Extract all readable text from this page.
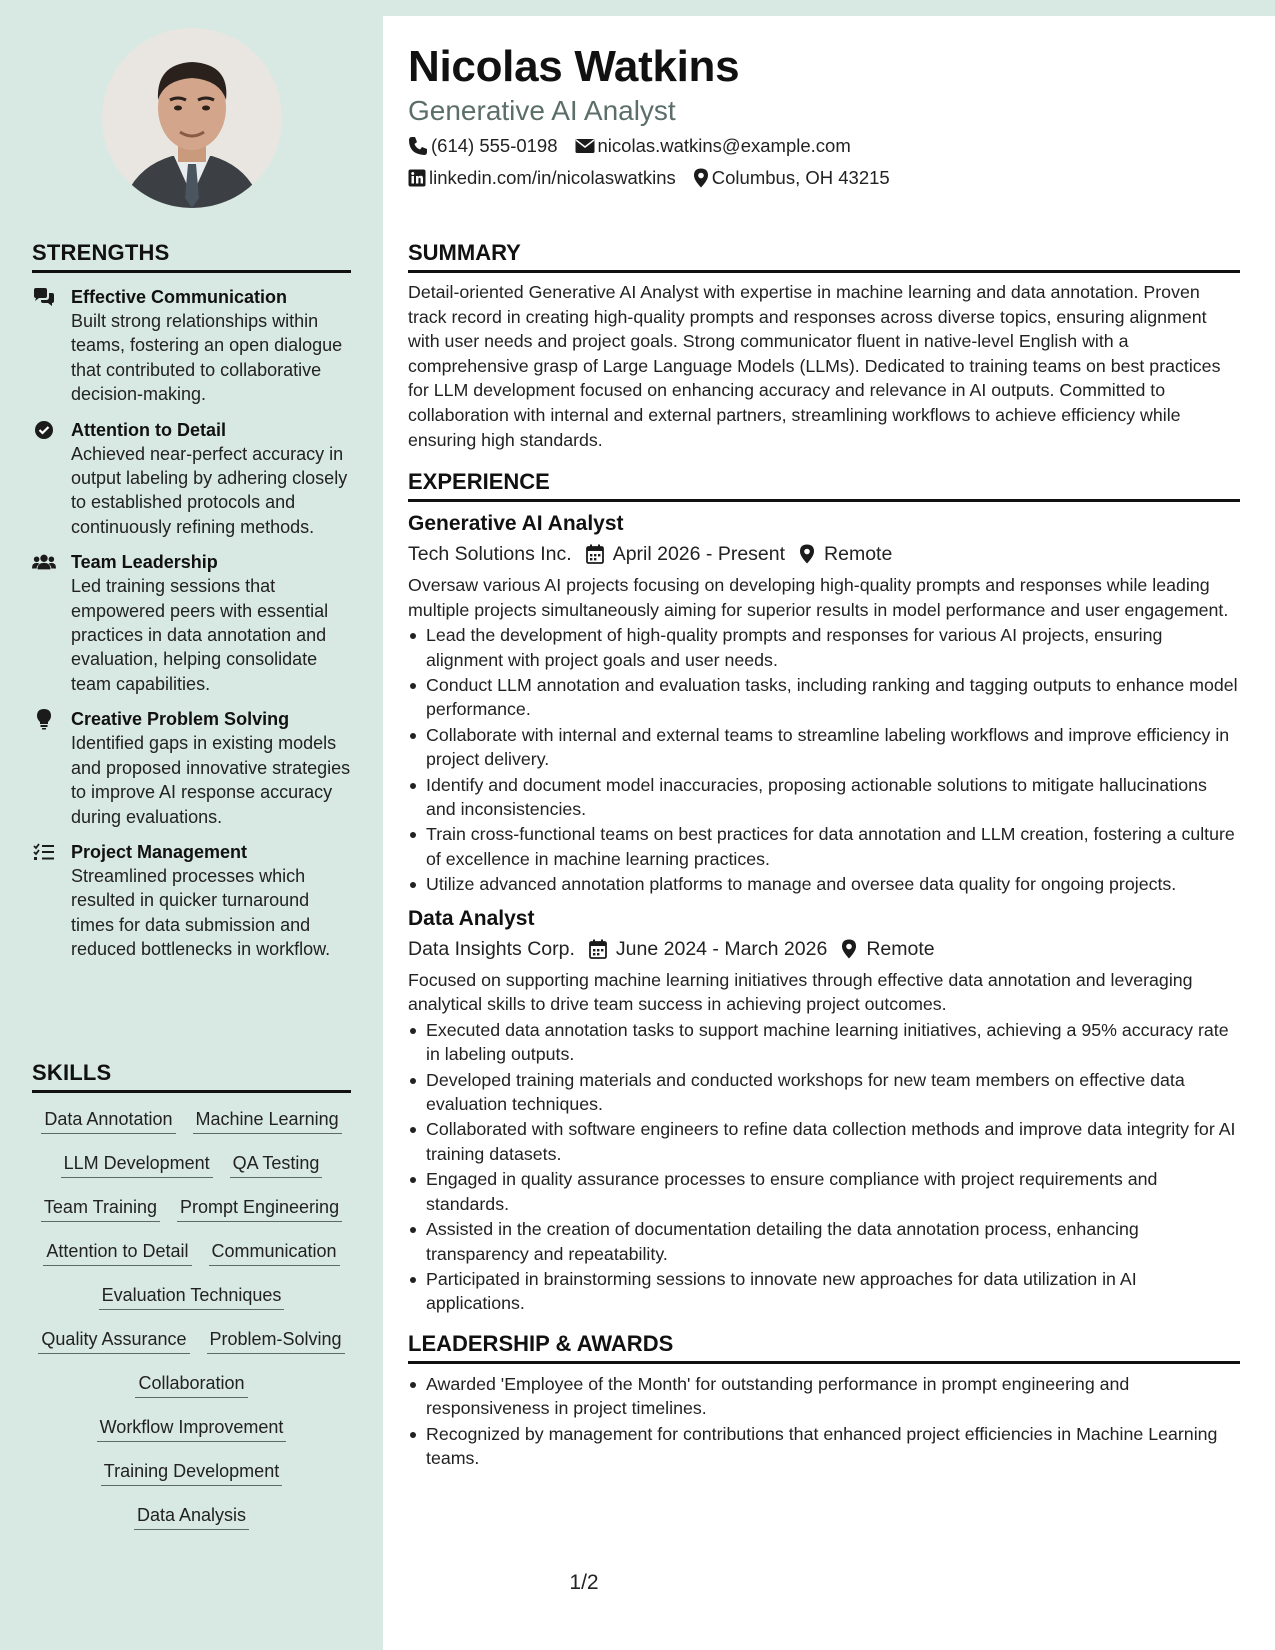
STRENGTHS
Effective Communication
Built strong relationships within teams, fostering an open dialogue that contributed to collaborative decision-making.
Attention to Detail
Achieved near-perfect accuracy in output labeling by adhering closely to established protocols and continuously refining methods.
Team Leadership
Led training sessions that empowered peers with essential practices in data annotation and evaluation, helping consolidate team capabilities.
Creative Problem Solving
Identified gaps in existing models and proposed innovative strategies to improve AI response accuracy during evaluations.
Project Management
Streamlined processes which resulted in quicker turnaround times for data submission and reduced bottlenecks in workflow.
SKILLS
Data Annotation Machine Learning
LLM Development QA Testing
Team Training Prompt Engineering
Attention to Detail Communication
Evaluation Techniques
Quality Assurance Problem-Solving
Collaboration
Workflow Improvement
Training Development
Data Analysis
Nicolas Watkins
Generative AI Analyst
(614) 555-0198 nicolas.watkins@example.com
linkedin.com/in/nicolaswatkins Columbus, OH 43215
SUMMARY
Detail-oriented Generative AI Analyst with expertise in machine learning and data annotation. Proven track record in creating high-quality prompts and responses across diverse topics, ensuring alignment with user needs and project goals. Strong communicator fluent in native-level English with a comprehensive grasp of Large Language Models (LLMs). Dedicated to training teams on best practices for LLM development focused on enhancing accuracy and relevance in AI outputs. Committed to collaboration with internal and external partners, streamlining workflows to achieve efficiency while ensuring high standards.
EXPERIENCE
Generative AI Analyst
Tech Solutions Inc. April 2026 - Present Remote
Oversaw various AI projects focusing on developing high-quality prompts and responses while leading multiple projects simultaneously aiming for superior results in model performance and user engagement.
Lead the development of high-quality prompts and responses for various AI projects, ensuring alignment with project goals and user needs.
Conduct LLM annotation and evaluation tasks, including ranking and tagging outputs to enhance model performance.
Collaborate with internal and external teams to streamline labeling workflows and improve efficiency in project delivery.
Identify and document model inaccuracies, proposing actionable solutions to mitigate hallucinations and inconsistencies.
Train cross-functional teams on best practices for data annotation and LLM creation, fostering a culture of excellence in machine learning practices.
Utilize advanced annotation platforms to manage and oversee data quality for ongoing projects.
Data Analyst
Data Insights Corp. June 2024 - March 2026 Remote
Focused on supporting machine learning initiatives through effective data annotation and leveraging analytical skills to drive team success in achieving project outcomes.
Executed data annotation tasks to support machine learning initiatives, achieving a 95% accuracy rate in labeling outputs.
Developed training materials and conducted workshops for new team members on effective data evaluation techniques.
Collaborated with software engineers to refine data collection methods and improve data integrity for AI training datasets.
Engaged in quality assurance processes to ensure compliance with project requirements and standards.
Assisted in the creation of documentation detailing the data annotation process, enhancing transparency and repeatability.
Participated in brainstorming sessions to innovate new approaches for data utilization in AI applications.
LEADERSHIP & AWARDS
Awarded 'Employee of the Month' for outstanding performance in prompt engineering and responsiveness in project timelines.
Recognized by management for contributions that enhanced project efficiencies in Machine Learning teams.
1/2
